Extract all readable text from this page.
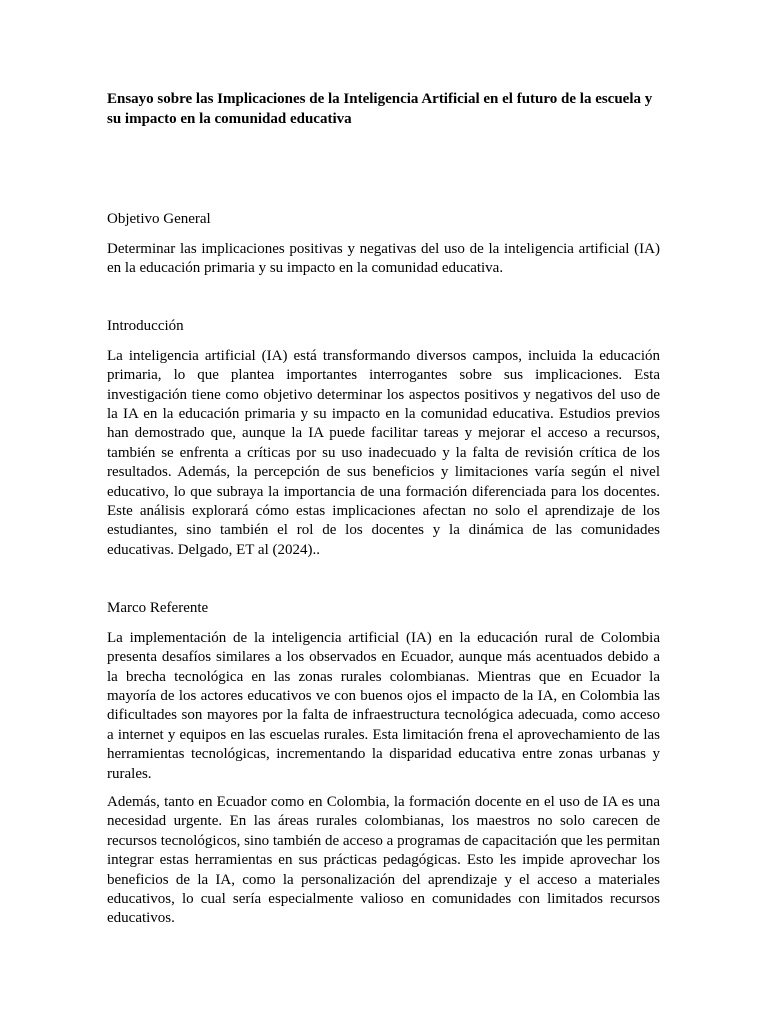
Ensayo sobre las Implicaciones de la Inteligencia Artificial en el futuro de la escuela y su impacto en la comunidad educativa

Objetivo General

Determinar las implicaciones positivas y negativas del uso de la inteligencia artificial (IA) en la educación primaria y su impacto en la comunidad educativa.

Introducción

La inteligencia artificial (IA) está transformando diversos campos, incluida la educación primaria, lo que plantea importantes interrogantes sobre sus implicaciones. Esta investigación tiene como objetivo determinar los aspectos positivos y negativos del uso de la IA en la educación primaria y su impacto en la comunidad educativa. Estudios previos han demostrado que, aunque la IA puede facilitar tareas y mejorar el acceso a recursos, también se enfrenta a críticas por su uso inadecuado y la falta de revisión crítica de los resultados. Además, la percepción de sus beneficios y limitaciones varía según el nivel educativo, lo que subraya la importancia de una formación diferenciada para los docentes. Este análisis explorará cómo estas implicaciones afectan no solo el aprendizaje de los estudiantes, sino también el rol de los docentes y la dinámica de las comunidades educativas. Delgado, ET al (2024)..

Marco Referente

La implementación de la inteligencia artificial (IA) en la educación rural de Colombia presenta desafíos similares a los observados en Ecuador, aunque más acentuados debido a la brecha tecnológica en las zonas rurales colombianas. Mientras que en Ecuador la mayoría de los actores educativos ve con buenos ojos el impacto de la IA, en Colombia las dificultades son mayores por la falta de infraestructura tecnológica adecuada, como acceso a internet y equipos en las escuelas rurales. Esta limitación frena el aprovechamiento de las herramientas tecnológicas, incrementando la disparidad educativa entre zonas urbanas y rurales.

Además, tanto en Ecuador como en Colombia, la formación docente en el uso de IA es una necesidad urgente. En las áreas rurales colombianas, los maestros no solo carecen de recursos tecnológicos, sino también de acceso a programas de capacitación que les permitan integrar estas herramientas en sus prácticas pedagógicas. Esto les impide aprovechar los beneficios de la IA, como la personalización del aprendizaje y el acceso a materiales educativos, lo cual sería especialmente valioso en comunidades con limitados recursos educativos.
